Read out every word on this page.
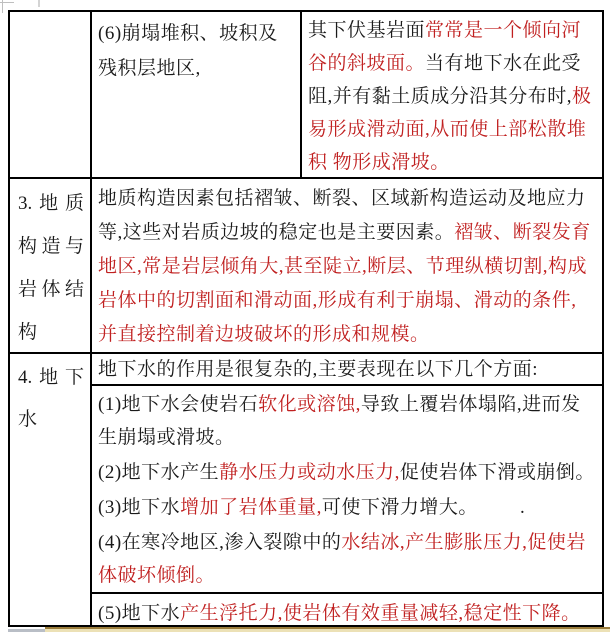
(6)崩塌堆积、坡积及残积层地区,

其下伏基岩面常常是一个倾向河谷的斜坡面。当有地下水在此受阻,并有黏土质成分沿其分布时,极易形成滑动面,从而使上部松散堆积 物形成滑坡。

3.地质构造与岩体结构

地质构造因素包括褶皱、断裂、区域新构造运动及地应力等,这些对岩质边坡的稳定也是主要因素。褶皱、断裂发育地区,常是岩层倾角大,甚至陡立,断层、节理纵横切割,构成岩体中的切割面和滑动面,形成有利于崩塌、滑动的条件,并直接控制着边坡破坏的形成和规模。

4.地下水

地下水的作用是很复杂的,主要表现在以下几个方面:

(1)地下水会使岩石软化或溶蚀,导致上覆岩体塌陷,进而发生崩塌或滑坡。

(2)地下水产生静水压力或动水压力,促使岩体下滑或崩倒。

(3)地下水增加了岩体重量,可使下滑力增大。        .

(4)在寒冷地区,渗入裂隙中的水结冰,产生膨胀压力,促使岩体破坏倾倒。

(5)地下水产生浮托力,使岩体有效重量减轻,稳定性下降。
